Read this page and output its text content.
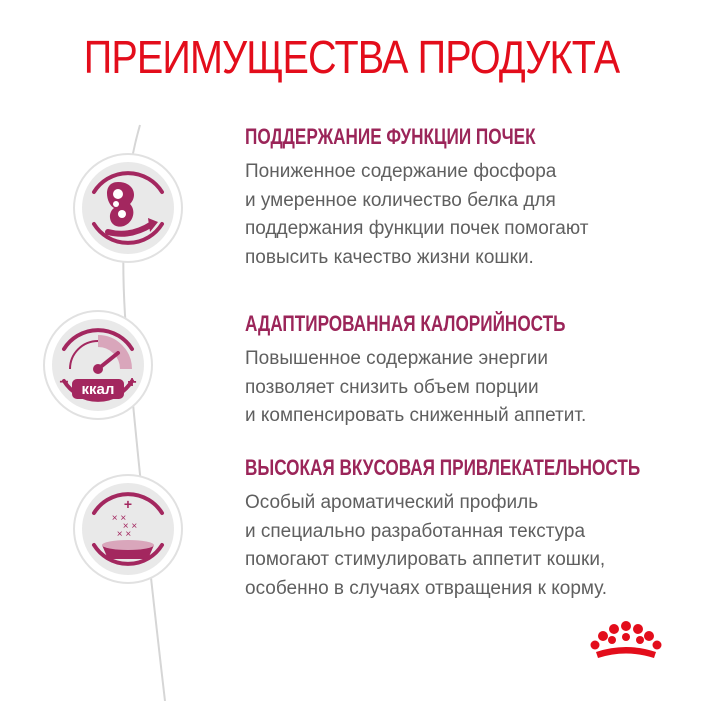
ПРЕИМУЩЕСТВА ПРОДУКТА
ккал
−	+
+
× ×
× ×
× ×
ПОДДЕРЖАНИЕ ФУНКЦИИ ПОЧЕК

Пониженное содержание фосфора
и умеренное количество белка для
поддержания функции почек помогают
повысить качество жизни кошки.

АДАПТИРОВАННАЯ КАЛОРИЙНОСТЬ

Повышенное содержание энергии
позволяет снизить объем порции
и компенсировать сниженный аппетит.

ВЫСОКАЯ ВКУСОВАЯ ПРИВЛЕКАТЕЛЬНОСТЬ

Особый ароматический профиль
и специально разработанная текстура
помогают стимулировать аппетит кошки,
особенно в случаях отвращения к корму.
